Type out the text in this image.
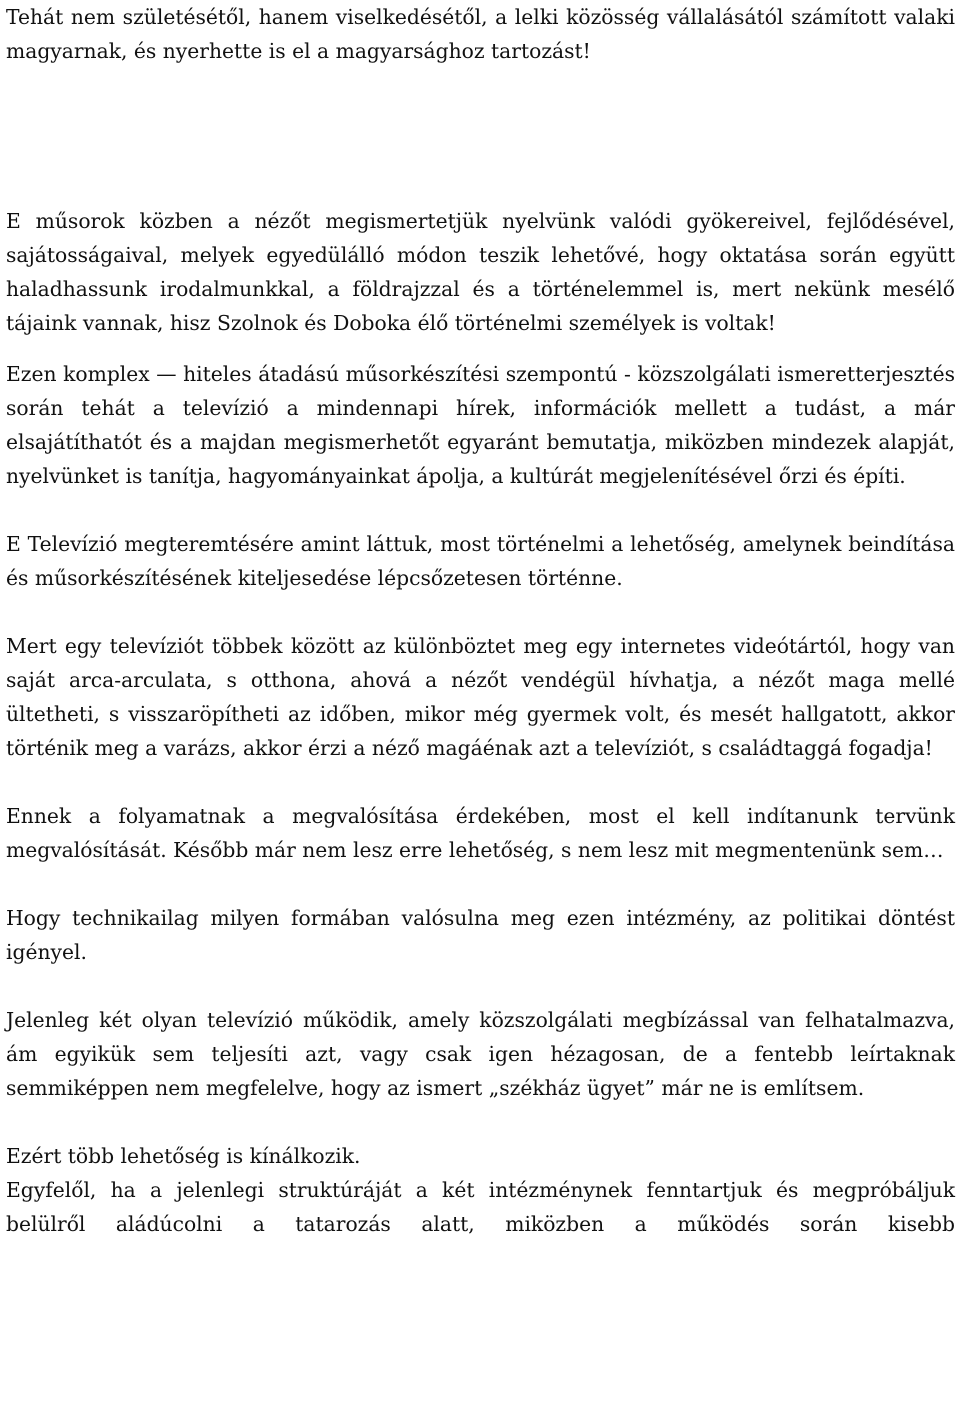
Tehát nem születésétől, hanem viselkedésétől, a lelki közösség vállalásától számított valaki magyarnak, és nyerhette is el a magyarsághoz tartozást!

E műsorok közben a nézőt megismertetjük nyelvünk valódi gyökereivel, fejlődésével, sajátosságaival, melyek egyedülálló módon teszik lehetővé, hogy oktatása során együtt haladhassunk irodalmunkkal, a földrajzzal és a történelemmel is, mert nekünk mesélő tájaink vannak, hisz Szolnok és Doboka élő történelmi személyek is voltak!

Ezen komplex — hiteles átadású műsorkészítési szempontú - közszolgálati ismeretterjesztés során tehát a televízió a mindennapi hírek, információk mellett a tudást, a már elsajátíthatót és a majdan megismerhetőt egyaránt bemutatja, miközben mindezek alapját, nyelvünket is tanítja, hagyományainkat ápolja, a kultúrát megjelenítésével őrzi és építi.

E Televízió megteremtésére amint láttuk, most történelmi a lehetőség, amelynek beindítása és műsorkészítésének kiteljesedése lépcsőzetesen történne.

Mert egy televíziót többek között az különböztet meg egy internetes videótártól, hogy van saját arca-arculata, s otthona, ahová a nézőt vendégül hívhatja, a nézőt maga mellé ültetheti, s visszaröpítheti az időben, mikor még gyermek volt, és mesét hallgatott, akkor történik meg a varázs, akkor érzi a néző magáénak azt a televíziót, s családtaggá fogadja!

Ennek a folyamatnak a megvalósítása érdekében, most el kell indítanunk tervünk megvalósítását. Később már nem lesz erre lehetőség, s nem lesz mit megmentenünk sem…

Hogy technikailag milyen formában valósulna meg ezen intézmény, az politikai döntést igényel.

Jelenleg két olyan televízió működik, amely közszolgálati megbízással van felhatalmazva, ám egyikük sem teljesíti azt, vagy csak igen hézagosan, de a fentebb leírtaknak semmiképpen nem megfelelve, hogy az ismert „székház ügyet” már ne is említsem.

Ezért több lehetőség is kínálkozik.

Egyfelől, ha a jelenlegi struktúráját a két intézménynek fenntartjuk és megpróbáljuk belülről aládúcolni a tatarozás alatt, miközben a működés során kisebb
